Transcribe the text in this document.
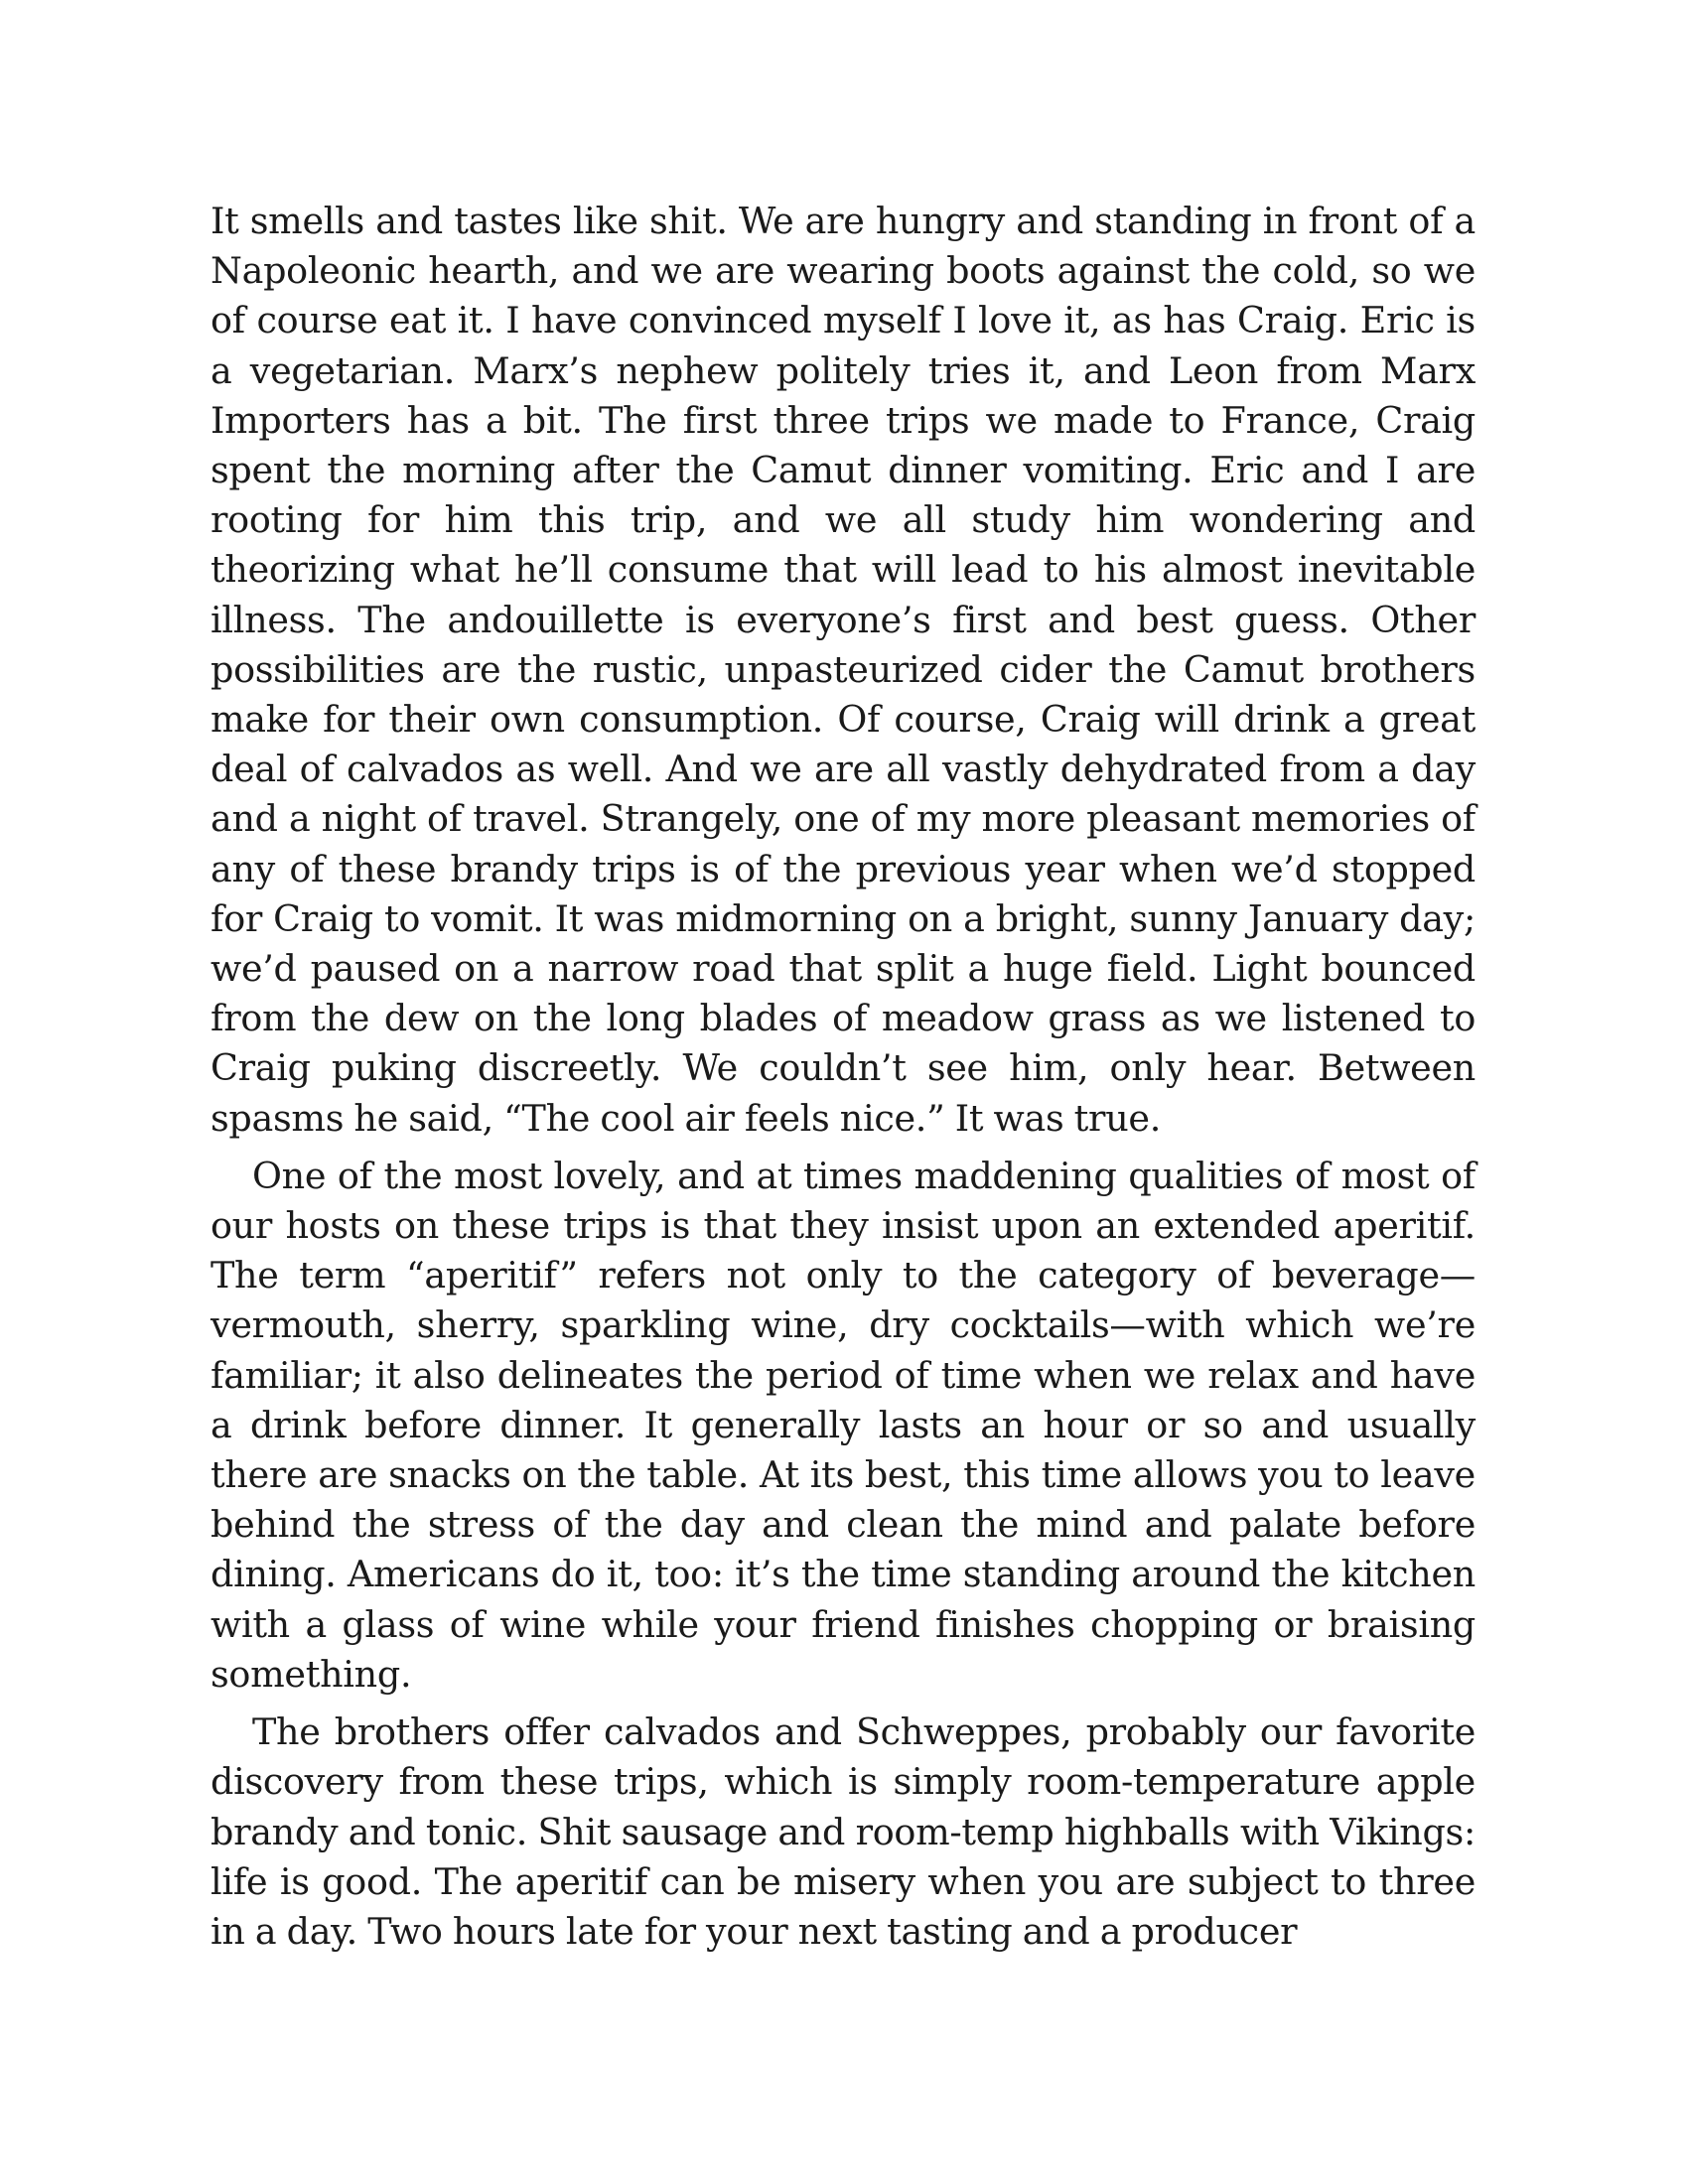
It smells and tastes like shit. We are hungry and standing in front of a Napoleonic hearth, and we are wearing boots against the cold, so we of course eat it. I have convinced myself I love it, as has Craig. Eric is a vegetarian. Marx’s nephew politely tries it, and Leon from Marx Importers has a bit. The first three trips we made to France, Craig spent the morning after the Camut dinner vomiting. Eric and I are rooting for him this trip, and we all study him wondering and theorizing what he’ll consume that will lead to his almost inevitable illness. The andouillette is everyone’s first and best guess. Other possibilities are the rustic, unpasteurized cider the Camut brothers make for their own consumption. Of course, Craig will drink a great deal of calvados as well. And we are all vastly dehydrated from a day and a night of travel. Strangely, one of my more pleasant memories of any of these brandy trips is of the previous year when we’d stopped for Craig to vomit. It was midmorning on a bright, sunny January day; we’d paused on a narrow road that split a huge field. Light bounced from the dew on the long blades of meadow grass as we listened to Craig puking discreetly. We couldn’t see him, only hear. Between spasms he said, “The cool air feels nice.” It was true.

One of the most lovely, and at times maddening qualities of most of our hosts on these trips is that they insist upon an extended aperitif. The term “aperitif” refers not only to the category of beverage—vermouth, sherry, sparkling wine, dry cocktails—with which we’re familiar; it also delineates the period of time when we relax and have a drink before dinner. It generally lasts an hour or so and usually there are snacks on the table. At its best, this time allows you to leave behind the stress of the day and clean the mind and palate before dining. Americans do it, too: it’s the time standing around the kitchen with a glass of wine while your friend finishes chopping or braising something.

The brothers offer calvados and Schweppes, probably our favorite discovery from these trips, which is simply room-temperature apple brandy and tonic. Shit sausage and room-temp highballs with Vikings: life is good. The aperitif can be misery when you are subject to three in a day. Two hours late for your next tasting and a producer
